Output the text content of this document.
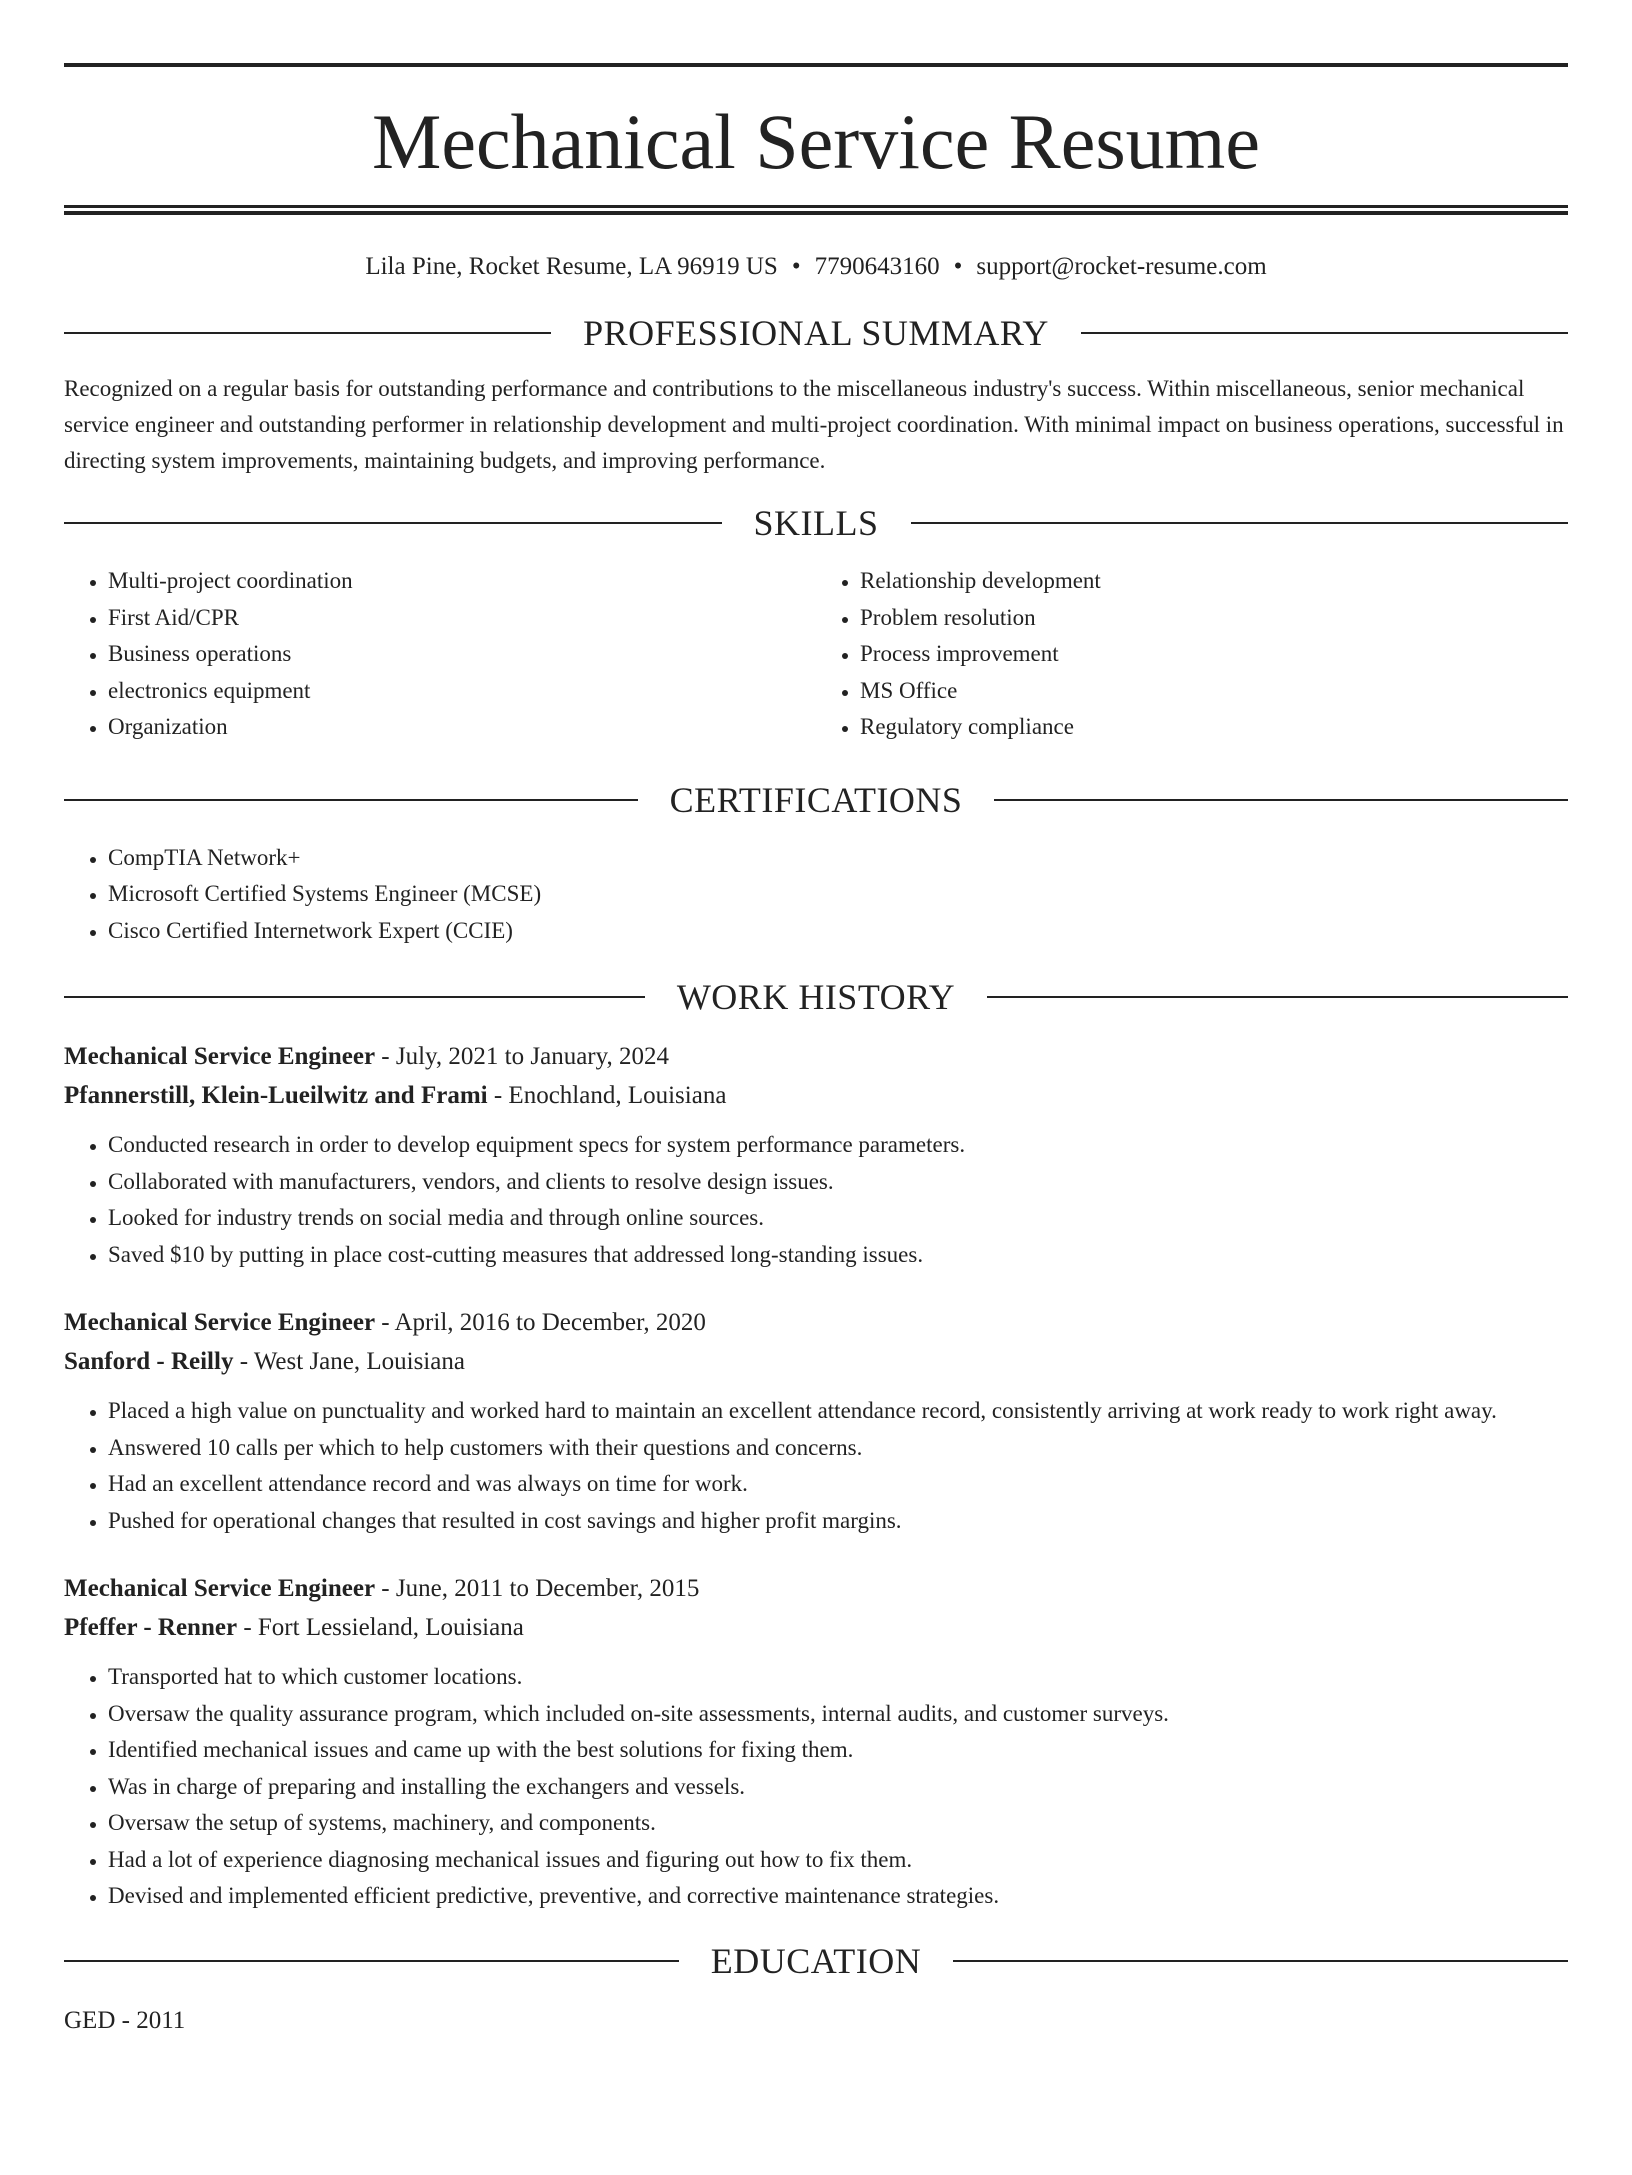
Mechanical Service Resume
Lila Pine, Rocket Resume, LA 96919 US • 7790643160 • support@rocket-resume.com
PROFESSIONAL SUMMARY
Recognized on a regular basis for outstanding performance and contributions to the miscellaneous industry's success. Within miscellaneous, senior mechanical service engineer and outstanding performer in relationship development and multi-project coordination. With minimal impact on business operations, successful in directing system improvements, maintaining budgets, and improving performance.
SKILLS
• Multi-project coordination
• First Aid/CPR
• Business operations
• electronics equipment
• Organization
• Relationship development
• Problem resolution
• Process improvement
• MS Office
• Regulatory compliance
CERTIFICATIONS
• CompTIA Network+
• Microsoft Certified Systems Engineer (MCSE)
• Cisco Certified Internetwork Expert (CCIE)
WORK HISTORY
Mechanical Service Engineer - July, 2021 to January, 2024
Pfannerstill, Klein-Lueilwitz and Frami - Enochland, Louisiana
• Conducted research in order to develop equipment specs for system performance parameters.
• Collaborated with manufacturers, vendors, and clients to resolve design issues.
• Looked for industry trends on social media and through online sources.
• Saved $10 by putting in place cost-cutting measures that addressed long-standing issues.
Mechanical Service Engineer - April, 2016 to December, 2020
Sanford - Reilly - West Jane, Louisiana
• Placed a high value on punctuality and worked hard to maintain an excellent attendance record, consistently arriving at work ready to work right away.
• Answered 10 calls per which to help customers with their questions and concerns.
• Had an excellent attendance record and was always on time for work.
• Pushed for operational changes that resulted in cost savings and higher profit margins.
Mechanical Service Engineer - June, 2011 to December, 2015
Pfeffer - Renner - Fort Lessieland, Louisiana
• Transported hat to which customer locations.
• Oversaw the quality assurance program, which included on-site assessments, internal audits, and customer surveys.
• Identified mechanical issues and came up with the best solutions for fixing them.
• Was in charge of preparing and installing the exchangers and vessels.
• Oversaw the setup of systems, machinery, and components.
• Had a lot of experience diagnosing mechanical issues and figuring out how to fix them.
• Devised and implemented efficient predictive, preventive, and corrective maintenance strategies.
EDUCATION
GED - 2011
